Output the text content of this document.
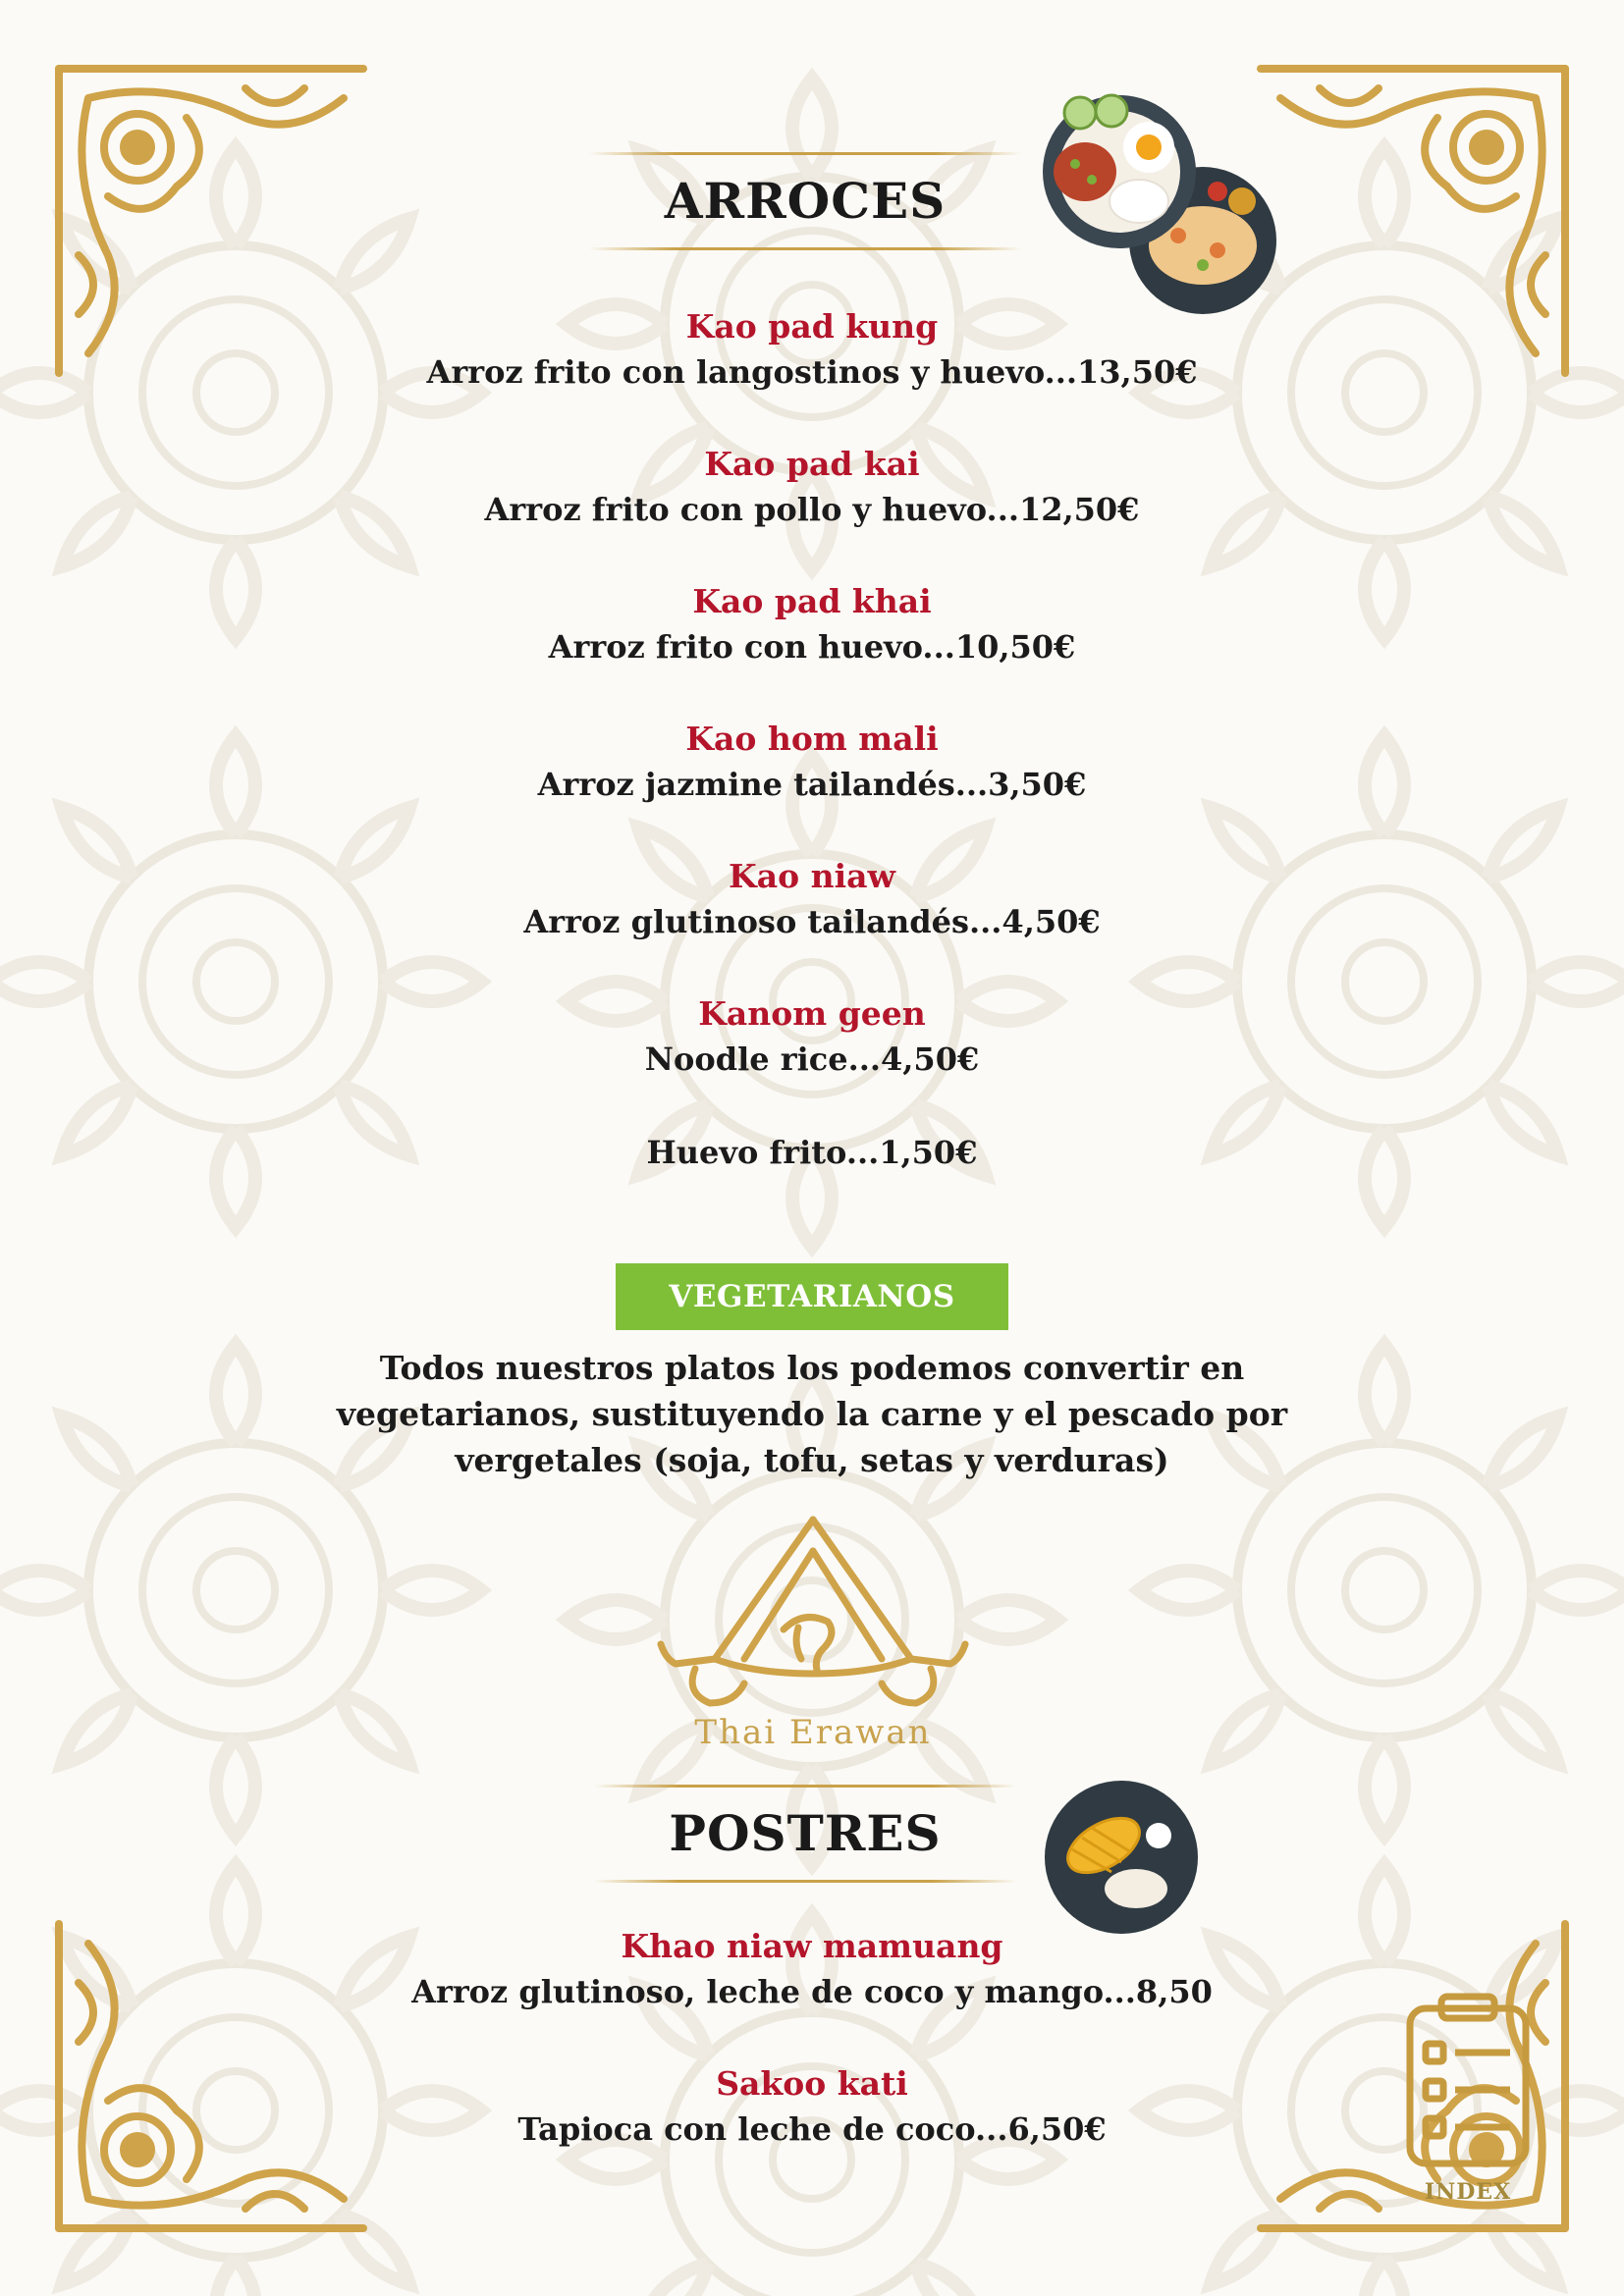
ARROCES
Kao pad kung
Arroz frito con langostinos y huevo...13,50€
Kao pad kai
Arroz frito con pollo y huevo...12,50€
Kao pad khai
Arroz frito con huevo...10,50€
Kao hom mali
Arroz jazmine tailandés...3,50€
Kao niaw
Arroz glutinoso tailandés...4,50€
Kanom geen
Noodle rice...4,50€
Huevo frito...1,50€
VEGETARIANOS
Todos nuestros platos los podemos convertir en
vegetarianos, sustituyendo la carne y el pescado por
vergetales (soja, tofu, setas y verduras)
Thai Erawan
POSTRES
Khao niaw mamuang
Arroz glutinoso, leche de coco y mango...8,50
Sakoo kati
Tapioca con leche de coco...6,50€
INDEX
